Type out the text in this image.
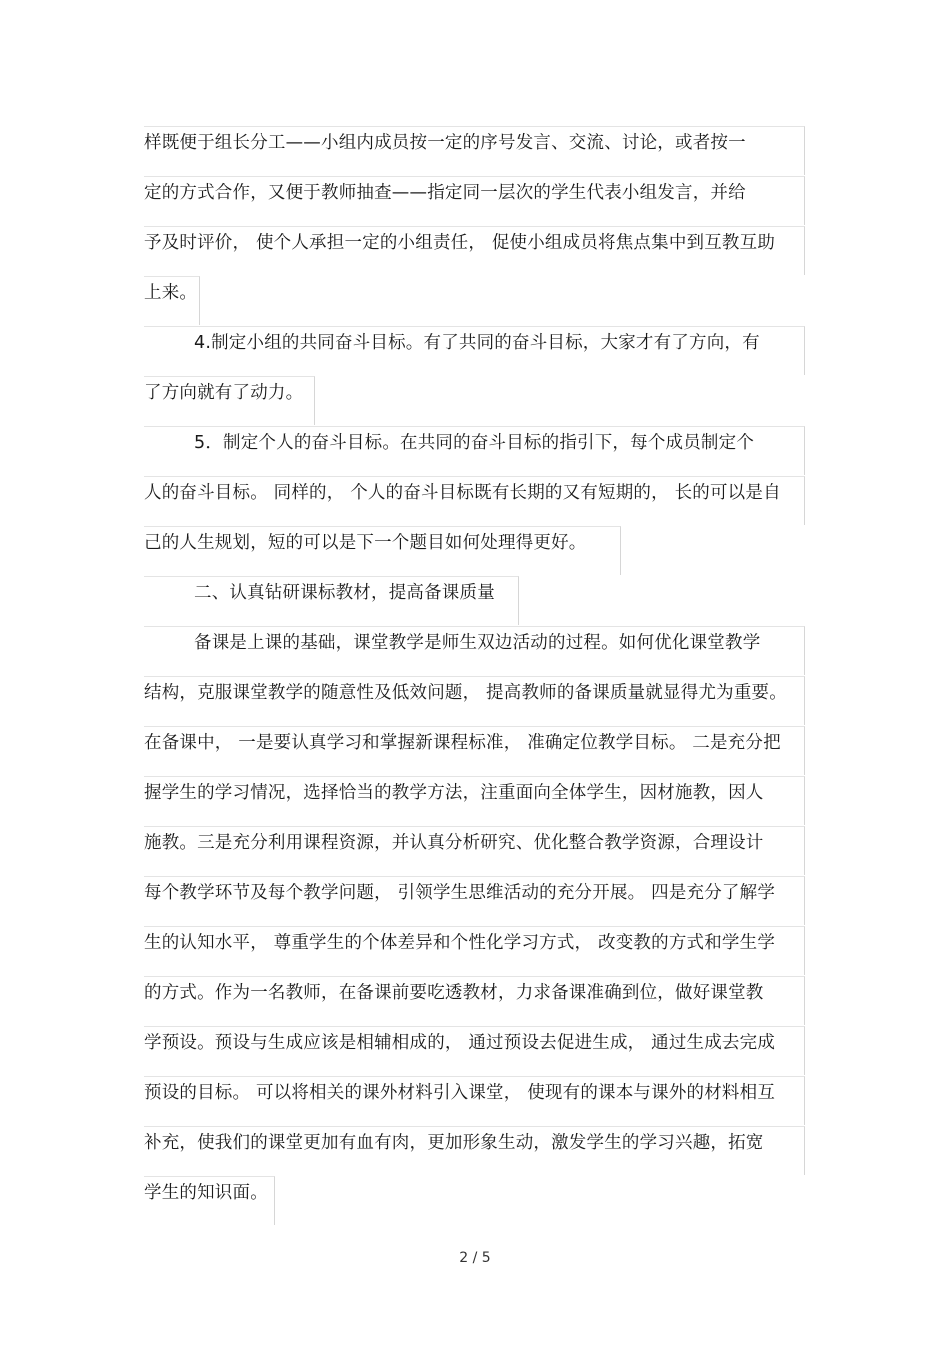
样既便于组长分工——小组内成员按一定的序号发言、交流、讨论，或者按一
定的方式合作，又便于教师抽查——指定同一层次的学生代表小组发言，并给
予及时评价， 使个人承担一定的小组责任， 促使小组成员将焦点集中到互教互助
上来。
4.制定小组的共同奋斗目标。有了共同的奋斗目标，大家才有了方向，有
了方向就有了动力。
5．制定个人的奋斗目标。在共同的奋斗目标的指引下，每个成员制定个
人的奋斗目标。 同样的， 个人的奋斗目标既有长期的又有短期的， 长的可以是自
己的人生规划，短的可以是下一个题目如何处理得更好。
二、认真钻研课标教材，提高备课质量
备课是上课的基础，课堂教学是师生双边活动的过程。如何优化课堂教学
结构，克服课堂教学的随意性及低效问题， 提高教师的备课质量就显得尤为重要。
在备课中， 一是要认真学习和掌握新课程标准， 准确定位教学目标。 二是充分把
握学生的学习情况，选择恰当的教学方法，注重面向全体学生，因材施教，因人
施教。三是充分利用课程资源，并认真分析研究、优化整合教学资源，合理设计
每个教学环节及每个教学问题， 引领学生思维活动的充分开展。 四是充分了解学
生的认知水平， 尊重学生的个体差异和个性化学习方式， 改变教的方式和学生学
的方式。作为一名教师，在备课前要吃透教材，力求备课准确到位，做好课堂教
学预设。预设与生成应该是相辅相成的， 通过预设去促进生成， 通过生成去完成
预设的目标。 可以将相关的课外材料引入课堂， 使现有的课本与课外的材料相互
补充，使我们的课堂更加有血有肉，更加形象生动，激发学生的学习兴趣，拓宽
学生的知识面。
2 / 5
